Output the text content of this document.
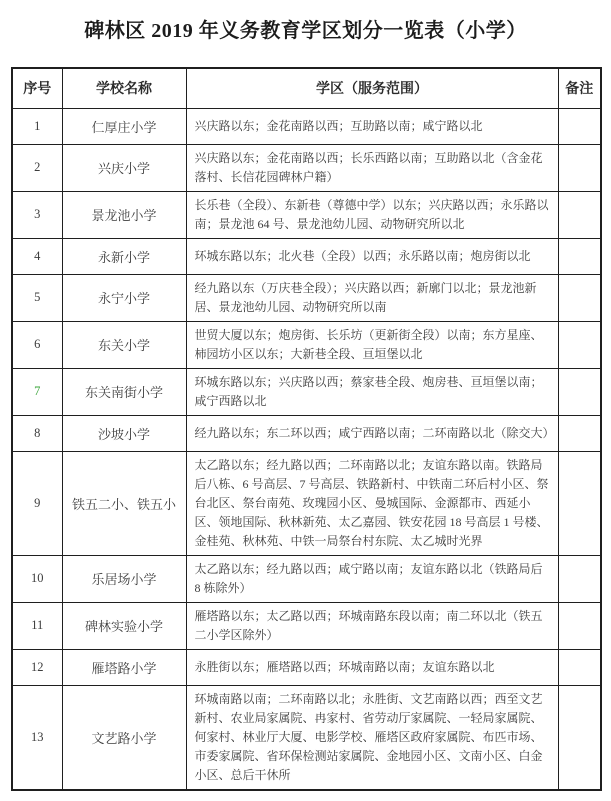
碑林区 2019 年义务教育学区划分一览表（小学）
序号	学校名称	学区（服务范围）	备注
1	仁厚庄小学	兴庆路以东；金花南路以西；互助路以南；咸宁路以北	
2	兴庆小学	兴庆路以东；金花南路以西；长乐西路以南；互助路以北（含金花落村、长信花园碑林户籍）	
3	景龙池小学	长乐巷（全段）、东新巷（尊德中学）以东；兴庆路以西；永乐路以南；景龙池 64 号、景龙池幼儿园、动物研究所以北	
4	永新小学	环城东路以东；北火巷（全段）以西；永乐路以南；炮房街以北	
5	永宁小学	经九路以东（万庆巷全段）；兴庆路以西；新廓门以北；景龙池新居、景龙池幼儿园、动物研究所以南	
6	东关小学	世贸大厦以东；炮房街、长乐坊（更新街全段）以南；东方星座、柿园坊小区以东；大新巷全段、亘垣堡以北	
7	东关南街小学	环城东路以东；兴庆路以西；蔡家巷全段、炮房巷、亘垣堡以南；咸宁西路以北	
8	沙坡小学	经九路以东；东二环以西；咸宁西路以南；二环南路以北（除交大）	
9	铁五二小、铁五小	太乙路以东；经九路以西；二环南路以北；友谊东路以南。铁路局后八栋、6 号高层、7 号高层、铁路新村、中铁南二环后村小区、祭台北区、祭台南苑、玫瑰园小区、曼城国际、金源都市、西延小区、领地国际、秋林新苑、太乙嘉园、铁安花园 18 号高层 1 号楼、金桂苑、秋林苑、中铁一局祭台村东院、太乙城时光界	
10	乐居场小学	太乙路以东；经九路以西；咸宁路以南；友谊东路以北（铁路局后 8 栋除外）	
11	碑林实验小学	雁塔路以东；太乙路以西；环城南路东段以南；南二环以北（铁五二小学区除外）	
12	雁塔路小学	永胜街以东；雁塔路以西；环城南路以南；友谊东路以北	
13	文艺路小学	环城南路以南；二环南路以北；永胜街、文艺南路以西；西至文艺新村、农业局家属院、冉家村、省劳动厅家属院、一轻局家属院、何家村、林业厅大厦、电影学校、雁塔区政府家属院、布匹市场、市委家属院、省环保检测站家属院、金地园小区、文南小区、白金小区、总后干休所	
